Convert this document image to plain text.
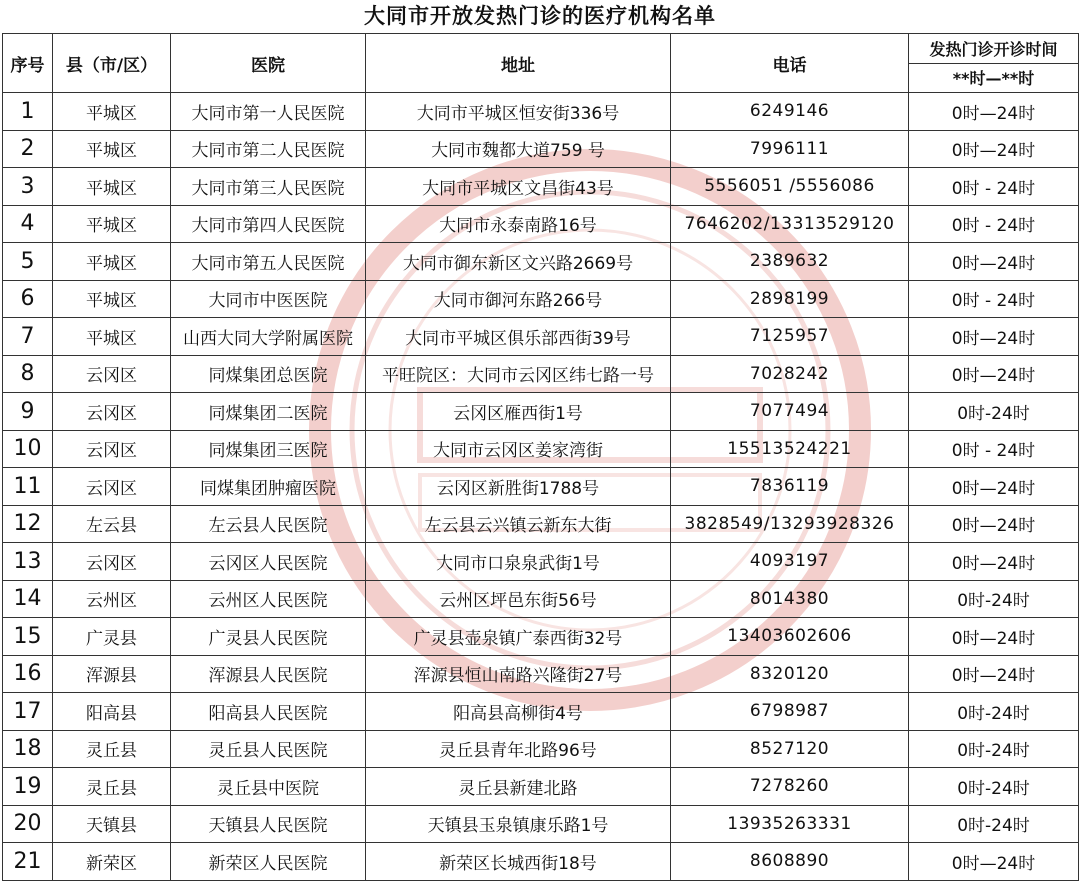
大同市开放发热门诊的医疗机构名单
序号	县（市/区）	医院	地址	电话	发热门诊开诊时间
					**时—**时
1	平城区	大同市第一人民医院	大同市平城区恒安街336号	6249146	0时—24时
2	平城区	大同市第二人民医院	大同市魏都大道759 号	7996111	0时—24时
3	平城区	大同市第三人民医院	大同市平城区文昌街43号	5556051 /5556086	0时 - 24时
4	平城区	大同市第四人民医院	大同市永泰南路16号	7646202/13313529120	0时 - 24时
5	平城区	大同市第五人民医院	大同市御东新区文兴路2669号	2389632	0时—24时
6	平城区	大同市中医医院	大同市御河东路266号	2898199	0时 - 24时
7	平城区	山西大同大学附属医院	大同市平城区俱乐部西街39号	7125957	0时—24时
8	云冈区	同煤集团总医院	平旺院区：大同市云冈区纬七路一号	7028242	0时—24时
9	云冈区	同煤集团二医院	云冈区雁西街1号	7077494	0时-24时
10	云冈区	同煤集团三医院	大同市云冈区姜家湾街	15513524221	0时 - 24时
11	云冈区	同煤集团肿瘤医院	云冈区新胜街1788号	7836119	0时—24时
12	左云县	左云县人民医院	左云县云兴镇云新东大街	3828549/13293928326	0时—24时
13	云冈区	云冈区人民医院	大同市口泉泉武街1号	4093197	0时—24时
14	云州区	云州区人民医院	云州区坪邑东街56号	8014380	0时-24时
15	广灵县	广灵县人民医院	广灵县壶泉镇广泰西街32号	13403602606	0时—24时
16	浑源县	浑源县人民医院	浑源县恒山南路兴隆街27号	8320120	0时—24时
17	阳高县	阳高县人民医院	阳高县高柳街4号	6798987	0时-24时
18	灵丘县	灵丘县人民医院	灵丘县青年北路96号	8527120	0时-24时
19	灵丘县	灵丘县中医院	灵丘县新建北路	7278260	0时-24时
20	天镇县	天镇县人民医院	天镇县玉泉镇康乐路1号	13935263331	0时-24时
21	新荣区	新荣区人民医院	新荣区长城西街18号	8608890	0时—24时
